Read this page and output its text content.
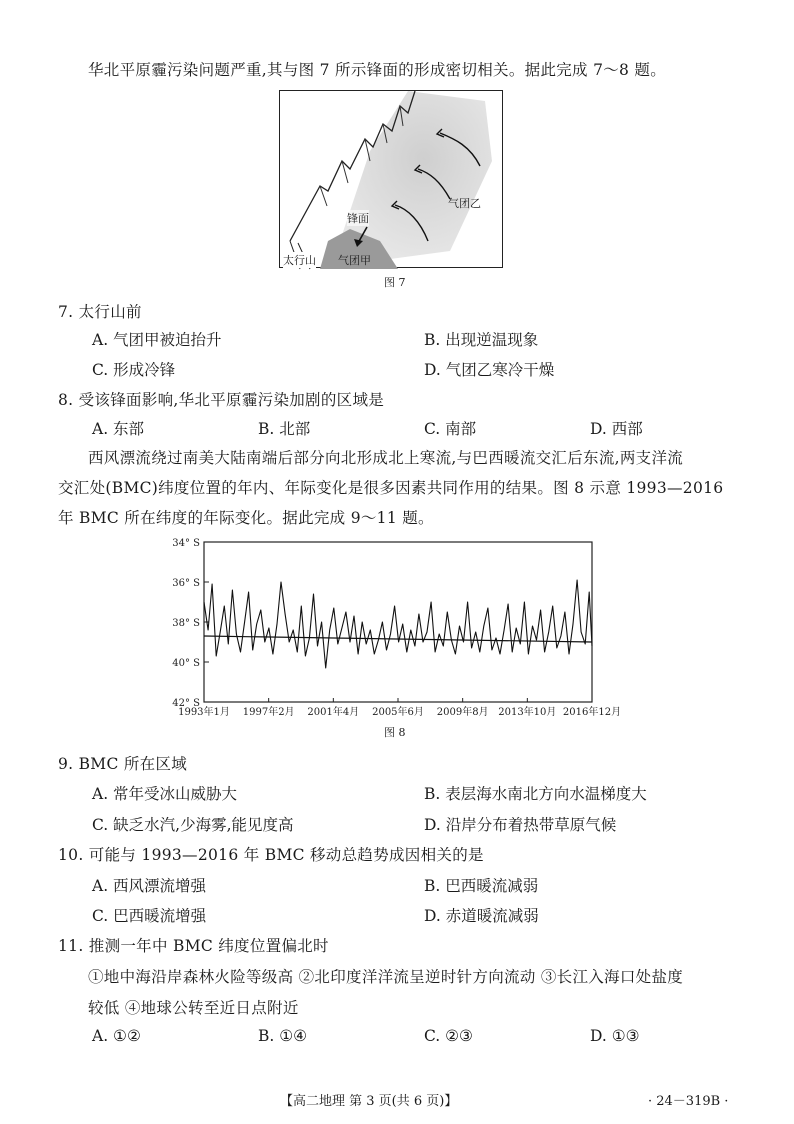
华北平原霾污染问题严重,其与图 7 所示锋面的形成密切相关。据此完成 7～8 题。
锋面
气团乙
太行山 气团甲
图 7
7. 太行山前
A. 气团甲被迫抬升	B. 出现逆温现象
C. 形成冷锋	D. 气团乙寒冷干燥
8. 受该锋面影响,华北平原霾污染加剧的区域是
A. 东部	B. 北部	C. 南部	D. 西部
西风漂流绕过南美大陆南端后部分向北形成北上寒流,与巴西暖流交汇后东流,两支洋流
交汇处(BMC)纬度位置的年内、年际变化是很多因素共同作用的结果。图 8 示意 1993—2016
年 BMC 所在纬度的年际变化。据此完成 9～11 题。
34° S
36° S
38° S
40° S
42° S
1993年1月 1997年2月 2001年4月 2005年6月 2009年8月 2013年10月 2016年12月
图 8
9. BMC 所在区域
A. 常年受冰山威胁大	B. 表层海水南北方向水温梯度大
C. 缺乏水汽,少海雾,能见度高	D. 沿岸分布着热带草原气候
10. 可能与 1993—2016 年 BMC 移动总趋势成因相关的是
A. 西风漂流增强	B. 巴西暖流减弱
C. 巴西暖流增强	D. 赤道暖流减弱
11. 推测一年中 BMC 纬度位置偏北时
①地中海沿岸森林火险等级高 ②北印度洋洋流呈逆时针方向流动 ③长江入海口处盐度
较低 ④地球公转至近日点附近
A. ①②	B. ①④	C. ②③	D. ①③
【高二地理 第 3 页(共 6 页)】	· 24－319B ·
